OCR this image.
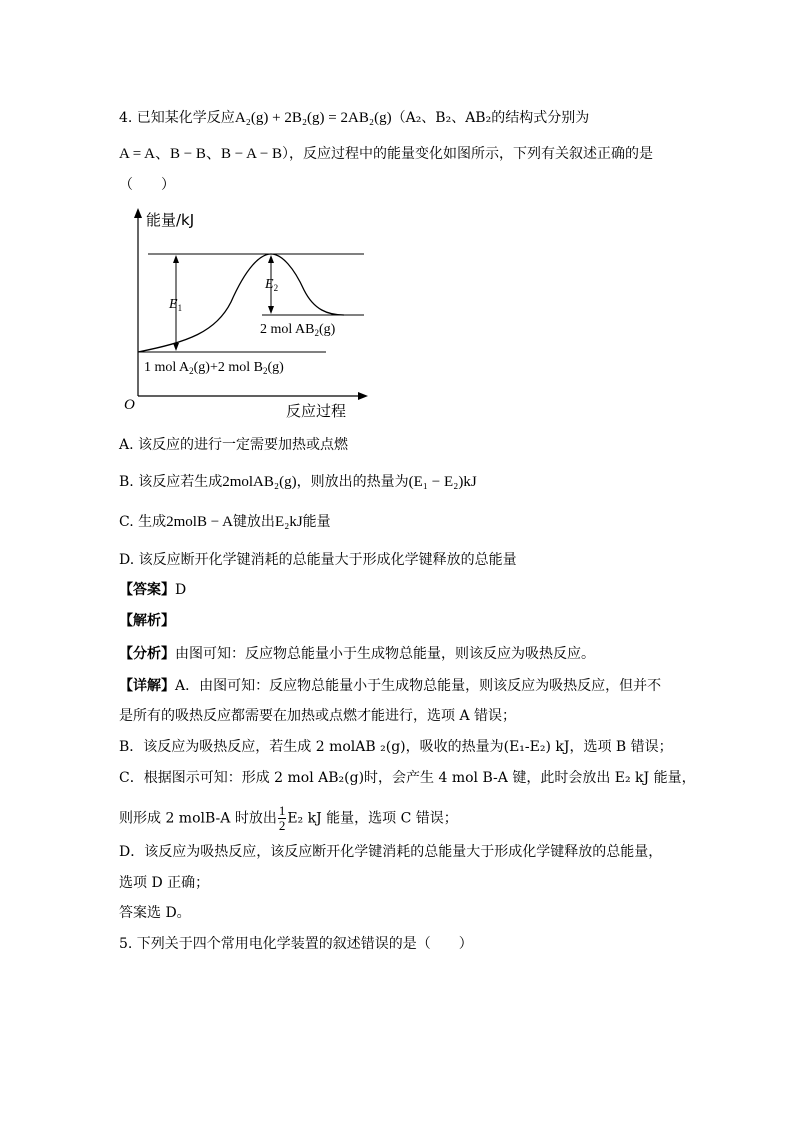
4. 已知某化学反应A₂(g) + 2B₂(g) = 2AB₂(g)（A₂、B₂、AB₂的结构式分别为
A = A、B − B、B − A − B），反应过程中的能量变化如图所示，下列有关叙述正确的是
（　　）
能量/kJ
反应过程
O
$E_1$
$E_2$
2 mol $AB_2(g)$
1 mol $A_2(g)+2$ mol $B_2(g)$
A. 该反应的进行一定需要加热或点燃
B. 该反应若生成2molAB₂(g)，则放出的热量为(E₁ − E₂)kJ
C. 生成2molB − A键放出E₂kJ能量
D. 该反应断开化学键消耗的总能量大于形成化学键释放的总能量
【答案】D
【解析】
【分析】由图可知：反应物总能量小于生成物总能量，则该反应为吸热反应。
【详解】A．由图可知：反应物总能量小于生成物总能量，则该反应为吸热反应，但并不
是所有的吸热反应都需要在加热或点燃才能进行，选项 A 错误；
B．该反应为吸热反应，若生成 2 molAB ₂(g)，吸收的热量为(E₁-E₂) kJ，选项 B 错误；
C．根据图示可知：形成 2 mol AB₂(g)时，会产生 4 mol B-A 键，此时会放出 E₂ kJ 能量，
则形成 2 molB-A 时放出 $\frac{1}{2} E_2$ kJ 能量，选项 C 错误；
D．该反应为吸热反应，该反应断开化学键消耗的总能量大于形成化学键释放的总能量，
选项 D 正确；
答案选 D。
5. 下列关于四个常用电化学装置的叙述错误的是（　　）
